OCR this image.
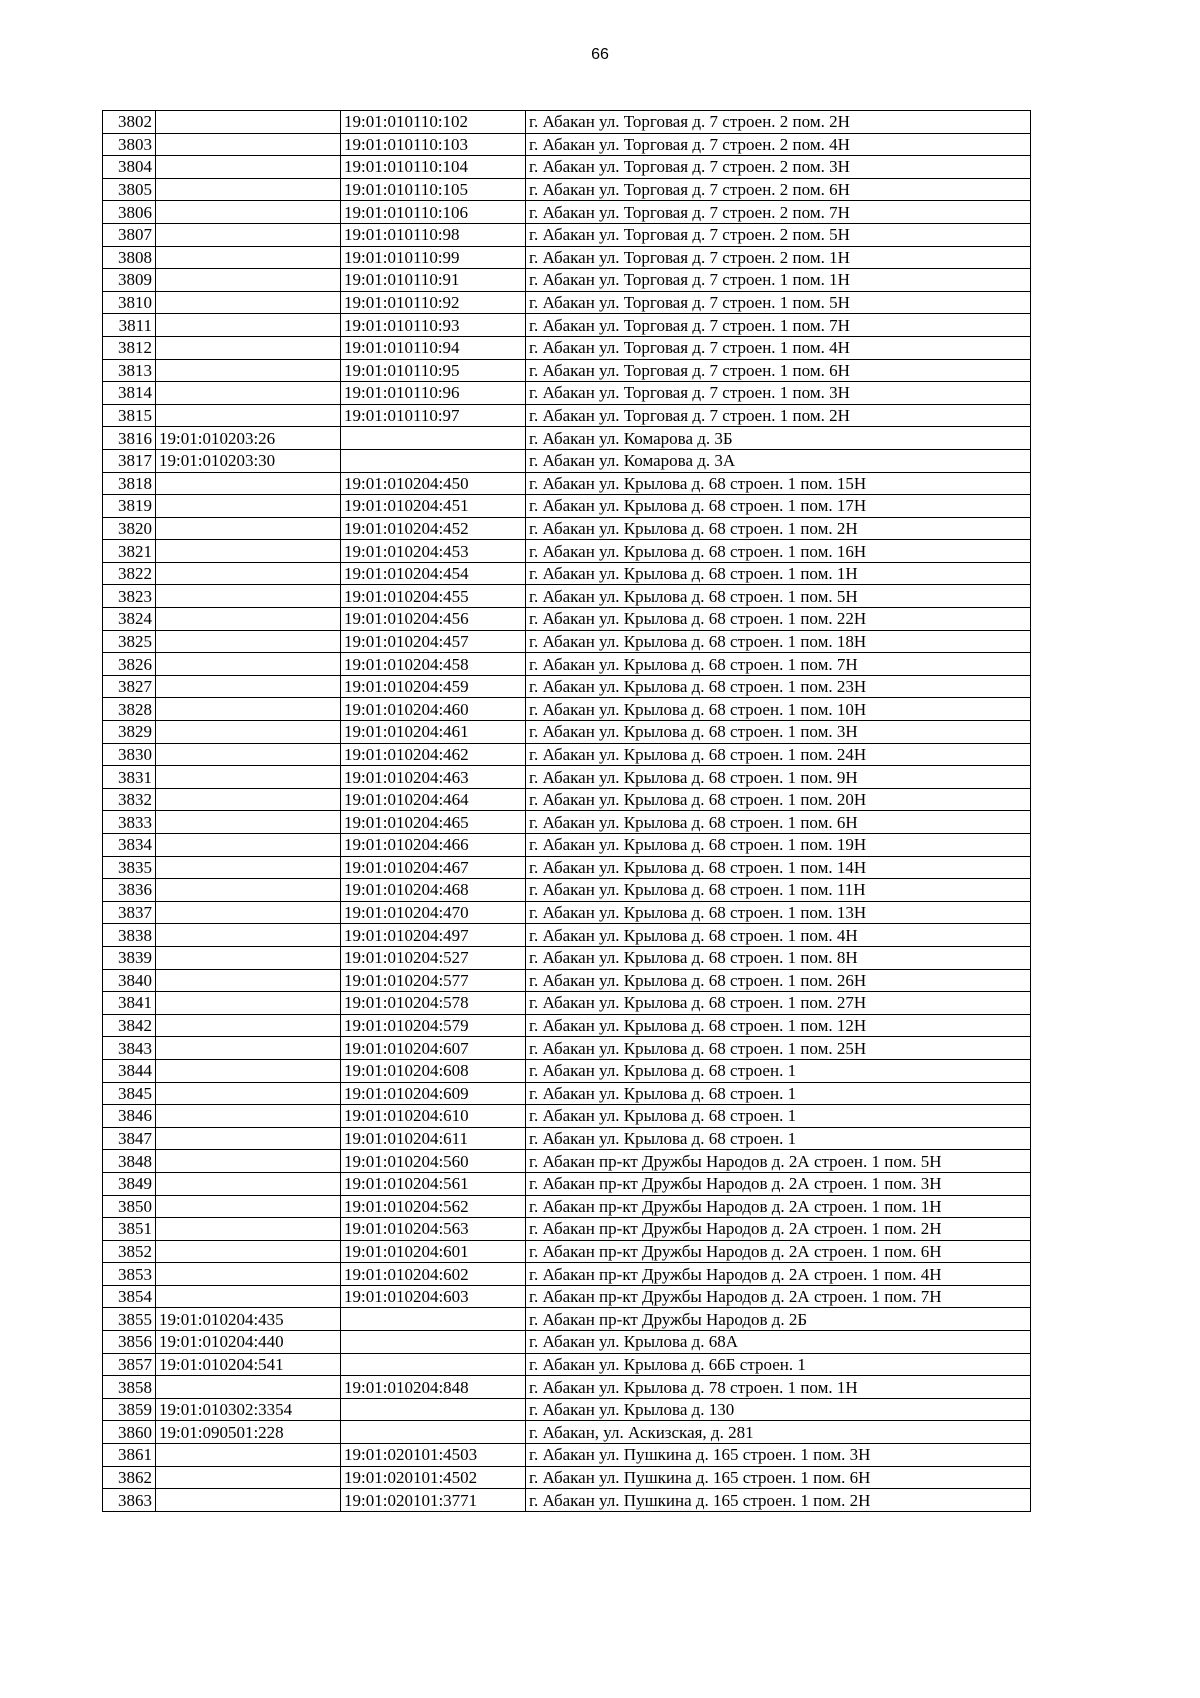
66
3802		19:01:010110:102	г. Абакан ул. Торговая д. 7 строен. 2 пом. 2Н
3803		19:01:010110:103	г. Абакан ул. Торговая д. 7 строен. 2 пом. 4Н
3804		19:01:010110:104	г. Абакан ул. Торговая д. 7 строен. 2 пом. 3Н
3805		19:01:010110:105	г. Абакан ул. Торговая д. 7 строен. 2 пом. 6Н
3806		19:01:010110:106	г. Абакан ул. Торговая д. 7 строен. 2 пом. 7Н
3807		19:01:010110:98	г. Абакан ул. Торговая д. 7 строен. 2 пом. 5Н
3808		19:01:010110:99	г. Абакан ул. Торговая д. 7 строен. 2 пом. 1Н
3809		19:01:010110:91	г. Абакан ул. Торговая д. 7 строен. 1 пом. 1Н
3810		19:01:010110:92	г. Абакан ул. Торговая д. 7 строен. 1 пом. 5Н
3811		19:01:010110:93	г. Абакан ул. Торговая д. 7 строен. 1 пом. 7Н
3812		19:01:010110:94	г. Абакан ул. Торговая д. 7 строен. 1 пом. 4Н
3813		19:01:010110:95	г. Абакан ул. Торговая д. 7 строен. 1 пом. 6Н
3814		19:01:010110:96	г. Абакан ул. Торговая д. 7 строен. 1 пом. 3Н
3815		19:01:010110:97	г. Абакан ул. Торговая д. 7 строен. 1 пом. 2Н
3816	19:01:010203:26		г. Абакан ул. Комарова д. 3Б
3817	19:01:010203:30		г. Абакан ул. Комарова д. 3А
3818		19:01:010204:450	г. Абакан ул. Крылова д. 68 строен. 1 пом. 15Н
3819		19:01:010204:451	г. Абакан ул. Крылова д. 68 строен. 1 пом. 17Н
3820		19:01:010204:452	г. Абакан ул. Крылова д. 68 строен. 1 пом. 2Н
3821		19:01:010204:453	г. Абакан ул. Крылова д. 68 строен. 1 пом. 16Н
3822		19:01:010204:454	г. Абакан ул. Крылова д. 68 строен. 1 пом. 1Н
3823		19:01:010204:455	г. Абакан ул. Крылова д. 68 строен. 1 пом. 5Н
3824		19:01:010204:456	г. Абакан ул. Крылова д. 68 строен. 1 пом. 22Н
3825		19:01:010204:457	г. Абакан ул. Крылова д. 68 строен. 1 пом. 18Н
3826		19:01:010204:458	г. Абакан ул. Крылова д. 68 строен. 1 пом. 7Н
3827		19:01:010204:459	г. Абакан ул. Крылова д. 68 строен. 1 пом. 23Н
3828		19:01:010204:460	г. Абакан ул. Крылова д. 68 строен. 1 пом. 10Н
3829		19:01:010204:461	г. Абакан ул. Крылова д. 68 строен. 1 пом. 3Н
3830		19:01:010204:462	г. Абакан ул. Крылова д. 68 строен. 1 пом. 24Н
3831		19:01:010204:463	г. Абакан ул. Крылова д. 68 строен. 1 пом. 9Н
3832		19:01:010204:464	г. Абакан ул. Крылова д. 68 строен. 1 пом. 20Н
3833		19:01:010204:465	г. Абакан ул. Крылова д. 68 строен. 1 пом. 6Н
3834		19:01:010204:466	г. Абакан ул. Крылова д. 68 строен. 1 пом. 19Н
3835		19:01:010204:467	г. Абакан ул. Крылова д. 68 строен. 1 пом. 14Н
3836		19:01:010204:468	г. Абакан ул. Крылова д. 68 строен. 1 пом. 11Н
3837		19:01:010204:470	г. Абакан ул. Крылова д. 68 строен. 1 пом. 13Н
3838		19:01:010204:497	г. Абакан ул. Крылова д. 68 строен. 1 пом. 4Н
3839		19:01:010204:527	г. Абакан ул. Крылова д. 68 строен. 1 пом. 8Н
3840		19:01:010204:577	г. Абакан ул. Крылова д. 68 строен. 1 пом. 26Н
3841		19:01:010204:578	г. Абакан ул. Крылова д. 68 строен. 1 пом. 27Н
3842		19:01:010204:579	г. Абакан ул. Крылова д. 68 строен. 1 пом. 12Н
3843		19:01:010204:607	г. Абакан ул. Крылова д. 68 строен. 1 пом. 25Н
3844		19:01:010204:608	г. Абакан ул. Крылова д. 68 строен. 1
3845		19:01:010204:609	г. Абакан ул. Крылова д. 68 строен. 1
3846		19:01:010204:610	г. Абакан ул. Крылова д. 68 строен. 1
3847		19:01:010204:611	г. Абакан ул. Крылова д. 68 строен. 1
3848		19:01:010204:560	г. Абакан пр-кт Дружбы Народов д. 2А строен. 1 пом. 5Н
3849		19:01:010204:561	г. Абакан пр-кт Дружбы Народов д. 2А строен. 1 пом. 3Н
3850		19:01:010204:562	г. Абакан пр-кт Дружбы Народов д. 2А строен. 1 пом. 1Н
3851		19:01:010204:563	г. Абакан пр-кт Дружбы Народов д. 2А строен. 1 пом. 2Н
3852		19:01:010204:601	г. Абакан пр-кт Дружбы Народов д. 2А строен. 1 пом. 6Н
3853		19:01:010204:602	г. Абакан пр-кт Дружбы Народов д. 2А строен. 1 пом. 4Н
3854		19:01:010204:603	г. Абакан пр-кт Дружбы Народов д. 2А строен. 1 пом. 7Н
3855	19:01:010204:435		г. Абакан пр-кт Дружбы Народов д. 2Б
3856	19:01:010204:440		г. Абакан ул. Крылова д. 68А
3857	19:01:010204:541		г. Абакан ул. Крылова д. 66Б строен. 1
3858		19:01:010204:848	г. Абакан ул. Крылова д. 78 строен. 1 пом. 1Н
3859	19:01:010302:3354		г. Абакан ул. Крылова д. 130
3860	19:01:090501:228		г. Абакан, ул. Аскизская, д. 281
3861		19:01:020101:4503	г. Абакан ул. Пушкина д. 165 строен. 1 пом. 3Н
3862		19:01:020101:4502	г. Абакан ул. Пушкина д. 165 строен. 1 пом. 6Н
3863		19:01:020101:3771	г. Абакан ул. Пушкина д. 165 строен. 1 пом. 2Н
